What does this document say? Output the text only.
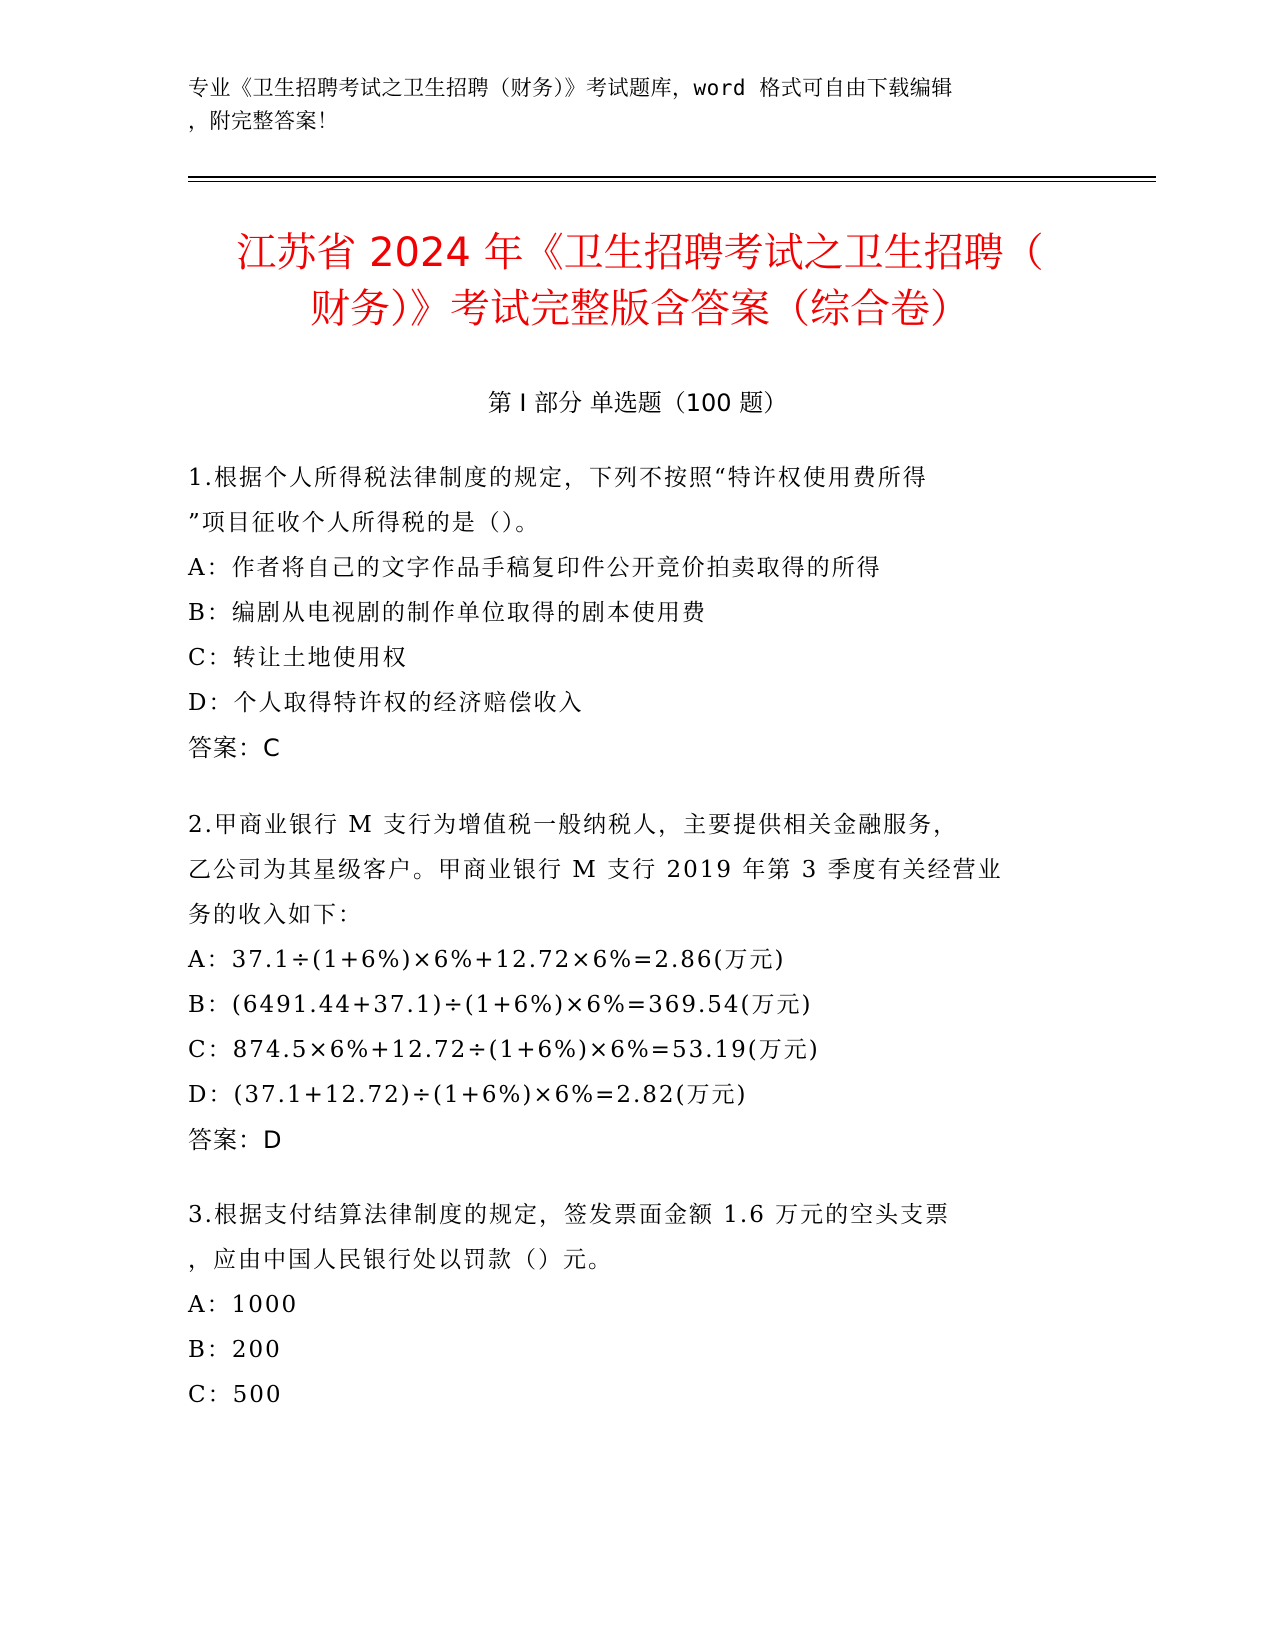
专业《卫生招聘考试之卫生招聘（财务）》考试题库，word 格式可自由下载编辑
，附完整答案！
江苏省 2024 年《卫生招聘考试之卫生招聘（
财务）》考试完整版含答案（综合卷）
第 I 部分 单选题（100 题）
1.根据个人所得税法律制度的规定，下列不按照“特许权使用费所得
”项目征收个人所得税的是（）。
A：作者将自己的文字作品手稿复印件公开竞价拍卖取得的所得
B：编剧从电视剧的制作单位取得的剧本使用费
C：转让土地使用权
D：个人取得特许权的经济赔偿收入
答案：C
2.甲商业银行 M 支行为增值税一般纳税人，主要提供相关金融服务，
乙公司为其星级客户。甲商业银行 M 支行 2019 年第 3 季度有关经营业
务的收入如下：
A：37.1÷(1+6%)×6%+12.72×6%=2.86(万元)
B：(6491.44+37.1)÷(1+6%)×6%=369.54(万元)
C：874.5×6%+12.72÷(1+6%)×6%=53.19(万元)
D：(37.1+12.72)÷(1+6%)×6%=2.82(万元)
答案：D
3.根据支付结算法律制度的规定，签发票面金额 1.6 万元的空头支票
，应由中国人民银行处以罚款（）元。
A：1000
B：200
C：500
